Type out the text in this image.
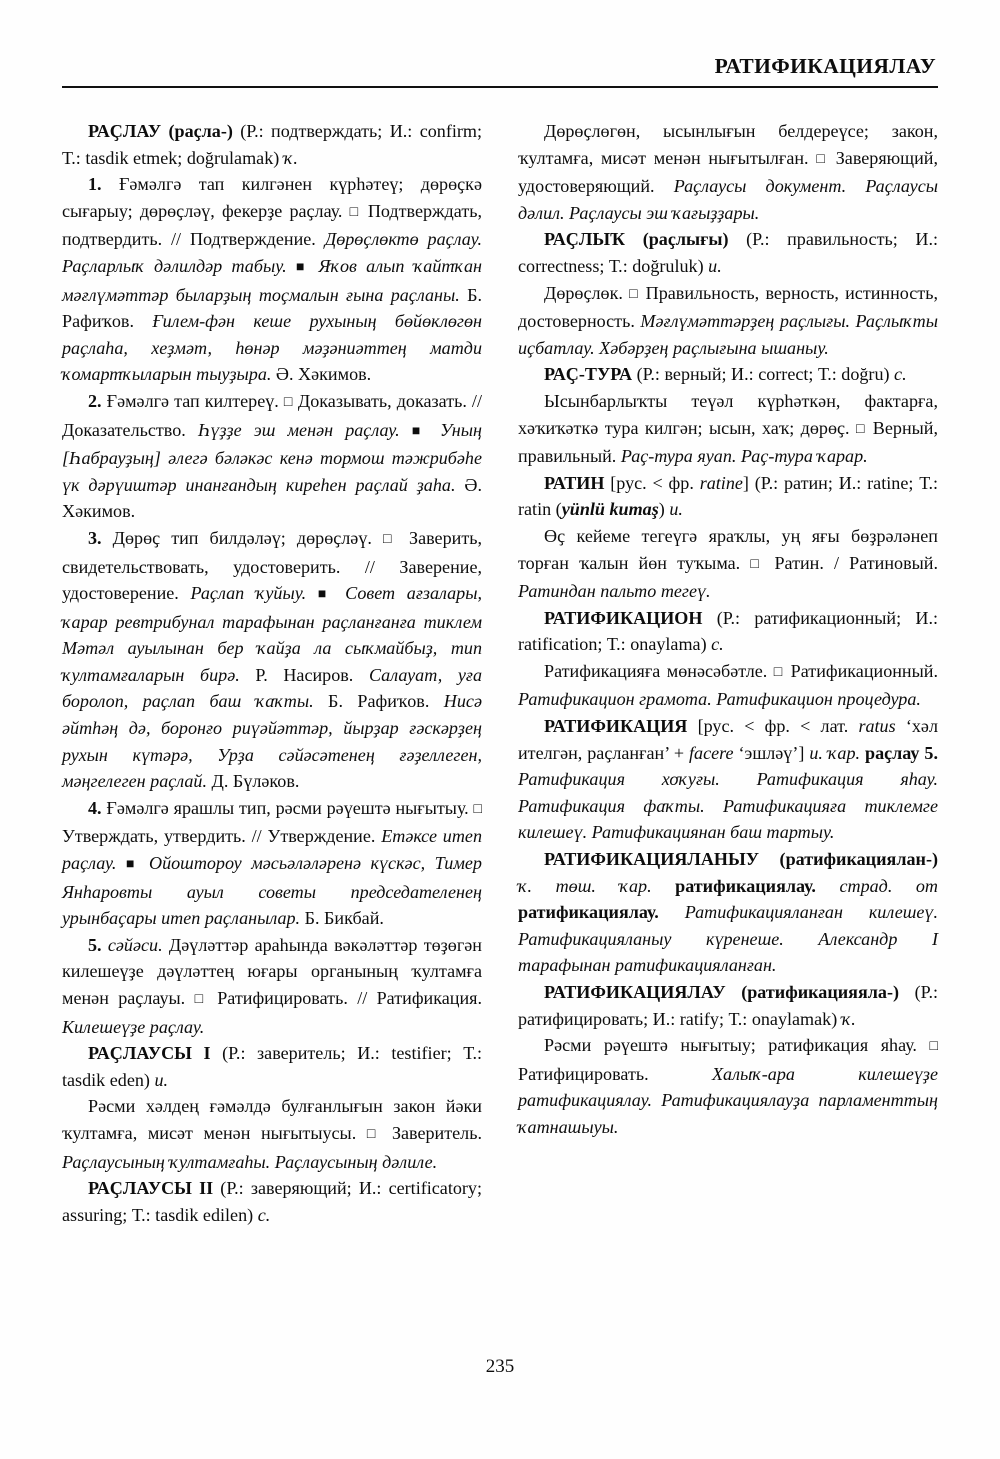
РАТИФИКАЦИЯЛАУ

РАҪЛАУ (раҫла-) (Р.: подтверждать; И.: confirm; Т.: tasdik etmek; doğrulamak) ҡ.

1. Ғәмәлгә тап килгәнен күрһәтеү; дөрөҫкә сығарыу; дөрөҫләү, фекерҙе раҫлау. □ Подтверждать, подтвердить. // Подтверждение. Дөрөҫлөктө раҫлау. Раҫларлыҡ дәлилдәр табыу. ■ Яҡов алып ҡайтҡан мәғлүмәттәр быларҙың тоҫмалын ғына раҫланы. Б. Рафиҡов. Ғилем-фән кеше рухының бөйөклөгөн раҫлаһа, хеҙмәт, һөнәр мәҙәниәттең матди ҡомартҡыларын тыуҙыра. Ә. Хәкимов.

2. Ғәмәлгә тап килтереү. □ Доказывать, доказать. // Доказательство. Һүҙҙе эш менән раҫлау. ■ Уның [Һабрауҙың] әлегә бәләкәс кенә тормош тәжрибәһе үк дәрүиштәр инанғандың киреһен раҫлай ҙаһа. Ә. Хәкимов.

3. Дөрөҫ тип билдәләү; дөрөҫләү. □ Заверить, свидетельствовать, удостоверить. // Заверение, удостоверение. Раҫлап ҡуйыу. ■ Совет ағзалары, ҡарар ревтрибунал тарафынан раҫланғанға тиклем Мәтәл ауылынан бер ҡайҙа ла сыҡмайбыҙ, тип ҡултамғаларын бирә. Р. Насиров. Салауат, уға боролоп, раҫлап баш ҡаҡты. Б. Рафиҡов. Нисә әйтһәң дә, боронғо риүәйәттәр, йырҙар ғәскәрҙең рухын күтәрә, Урҙа сәйәсәтенең ғәҙеллеген, мәңгелеген раҫлай. Д. Бүләков.

4. Ғәмәлгә ярашлы тип, рәсми рәүештә нығытыу. □ Утверждать, утвердить. // Утверждение. Етәксе итеп раҫлау. ■ Ойоштороу мәсьәләләренә күскәс, Тимер Янһаровты ауыл советы председателенең урынбаҫары итеп раҫланылар. Б. Бикбай.

5. сәйәси. Дәүләттәр араһында вәкәләттәр төҙөгән килешеүҙе дәүләттең юғары органының ҡултамға менән раҫлауы. □ Ратифицировать. // Ратификация. Килешеүҙе раҫлау.

РАҪЛАУСЫ I (Р.: заверитель; И.: testifier; Т.: tasdik eden) и.

Рәсми хәлдең ғәмәлдә булғанлығын закон йәки ҡултамға, мисәт менән нығытыусы. □ Заверитель. Раҫлаусының ҡултамғаһы. Раҫлаусының дәлиле.

РАҪЛАУСЫ II (Р.: заверяющий; И.: certificatory; assuring; Т.: tasdik edilen) с.

Дөрөҫлөгөн, ысынлығын белдереүсе; закон, ҡултамға, мисәт менән нығытылған. □ Заверяющий, удостоверяющий. Раҫлаусы документ. Раҫлаусы дәлил. Раҫлаусы эш ҡағыҙҙары.

РАҪЛЫҠ (раҫлығы) (Р.: правильность; И.: correctness; Т.: doğruluk) и.

Дөрөҫлөк. □ Правильность, верность, истинность, достоверность. Мәғлүмәттәрҙең раҫлығы. Раҫлыҡты иҫбатлау. Хәбәрҙең раҫлығына ышаныу.

РАҪ-ТУРА (Р.: верный; И.: correct; Т.: doğru) с.

Ысынбарлыҡты теүәл күрһәткән, фактарға, хәҡиҡәткә тура килгән; ысын, хаҡ; дөрөҫ. □ Верный, правильный. Раҫ-тура яуап. Раҫ-тура ҡарар.

РАТИН [рус. < фр. ratine] (Р.: ратин; И.: ratine; Т.: ratin (yünlü kumaş) и.

Өҫ кейеме тегеүгә яраҡлы, уң яғы бөҙрәләнеп торған ҡалын йөн туҡыма. □ Ратин. / Ратиновый. Ратиндан пальто тегеү.

РАТИФИКАЦИОН (Р.: ратификационный; И.: ratification; Т.: onaylama) с.

Ратификацияға мөнәсәбәтле. □ Ратификационный. Ратификацион грамота. Ратификацион процедура.

РАТИФИКАЦИЯ [рус. < фр. < лат. ratus ‘хәл ителгән, раҫланған’ + facere ‘эшләү’] и. ҡар. раҫлау 5. Ратификация хоҡуғы. Ратификация яһау. Ратификация фаҡты. Ратификацияға тиклемге килешеү. Ратификациянан баш тартыу.

РАТИФИКАЦИЯЛАНЫУ (ратификациялан-) ҡ. төш. ҡар. ратификациялау. страд. от ратификациялау. Ратификацияланған килешеү. Ратификацияланыу күренеше. Александр I тарафынан ратификацияланған.

РАТИФИКАЦИЯЛАУ (ратификацияяла-) (Р.: ратифицировать; И.: ratify; Т.: onaylamak) ҡ.

Рәсми рәүештә нығытыу; ратификация яһау. □ Ратифицировать. Халыҡ-ара килешеүҙе ратификациялау. Ратификациялауҙа парламенттың ҡатнашыуы.

235
